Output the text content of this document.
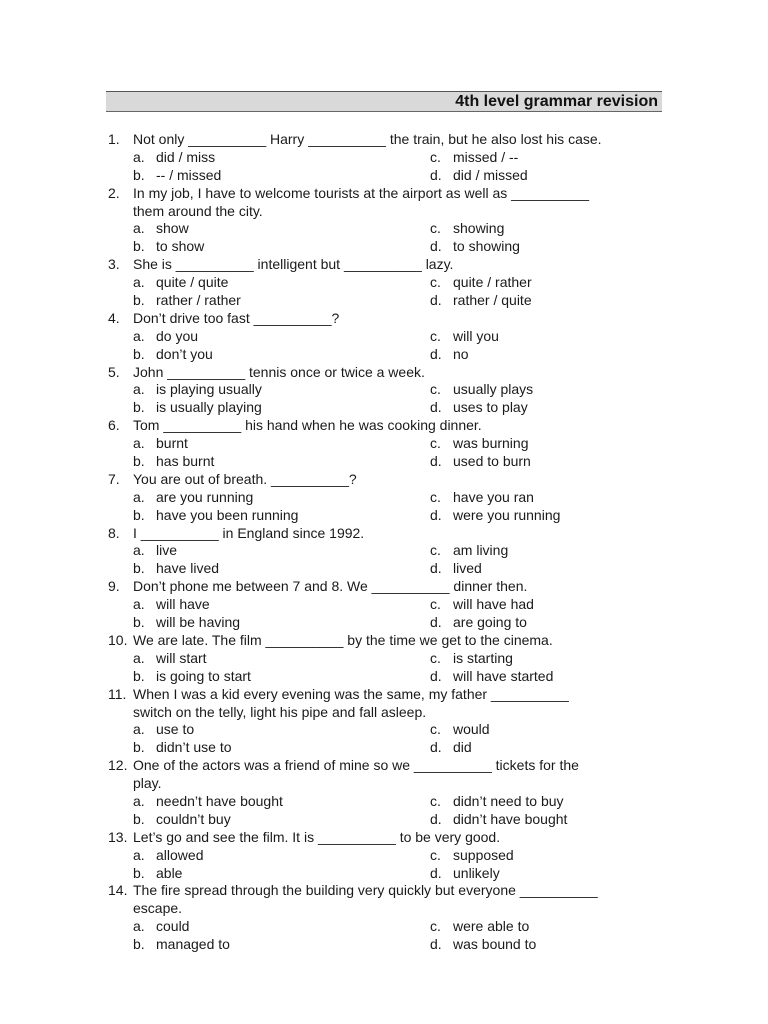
4th level grammar revision
1. Not only __________ Harry __________ the train, but he also lost his case.
a. did / miss	c. missed / --
b. -- / missed	d. did / missed
2. In my job, I have to welcome tourists at the airport as well as __________
them around the city.
a. show	c. showing
b. to show	d. to showing
3. She is __________ intelligent but __________ lazy.
a. quite / quite	c. quite / rather
b. rather / rather	d. rather / quite
4. Don’t drive too fast __________?
a. do you	c. will you
b. don’t you	d. no
5. John __________ tennis once or twice a week.
a. is playing usually	c. usually plays
b. is usually playing	d. uses to play
6. Tom __________ his hand when he was cooking dinner.
a. burnt	c. was burning
b. has burnt	d. used to burn
7. You are out of breath. __________?
a. are you running	c. have you ran
b. have you been running	d. were you running
8. I __________ in England since 1992.
a. live	c. am living
b. have lived	d. lived
9. Don’t phone me between 7 and 8. We __________ dinner then.
a. will have	c. will have had
b. will be having	d. are going to
10. We are late. The film __________ by the time we get to the cinema.
a. will start	c. is starting
b. is going to start	d. will have started
11. When I was a kid every evening was the same, my father __________
switch on the telly, light his pipe and fall asleep.
a. use to	c. would
b. didn’t use to	d. did
12. One of the actors was a friend of mine so we __________ tickets for the
play.
a. needn’t have bought	c. didn’t need to buy
b. couldn’t buy	d. didn’t have bought
13. Let’s go and see the film. It is __________ to be very good.
a. allowed	c. supposed
b. able	d. unlikely
14. The fire spread through the building very quickly but everyone __________
escape.
a. could	c. were able to
b. managed to	d. was bound to
